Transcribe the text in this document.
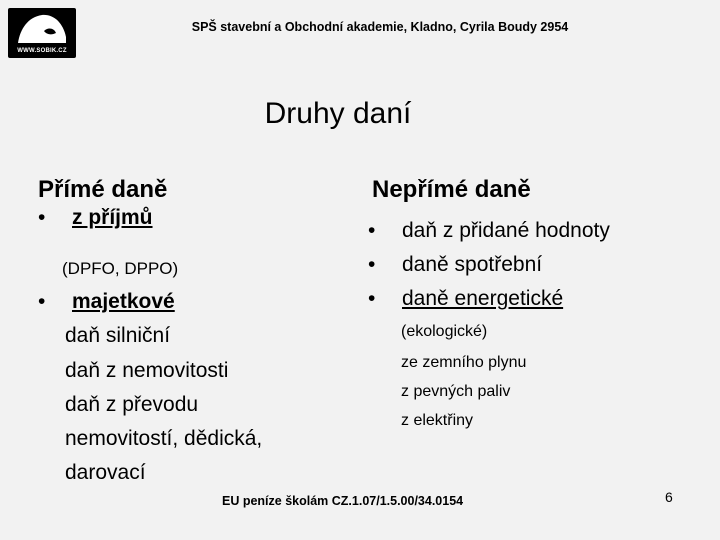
WWW.SOBIK.CZ
SPŠ stavební a Obchodní akademie, Kladno, Cyrila Boudy 2954
Druhy daní
Přímé daně
• z příjmů
(DPFO, DPPO)
• majetkové
daň silniční
daň z nemovitosti
daň z převodu
nemovitostí, dědická,
darovací
Nepřímé daně
• daň z přidané hodnoty
• daně spotřební
• daně energetické
(ekologické)
ze zemního plynu
z pevných paliv
z elektřiny
EU peníze školám CZ.1.07/1.5.00/34.0154	6
